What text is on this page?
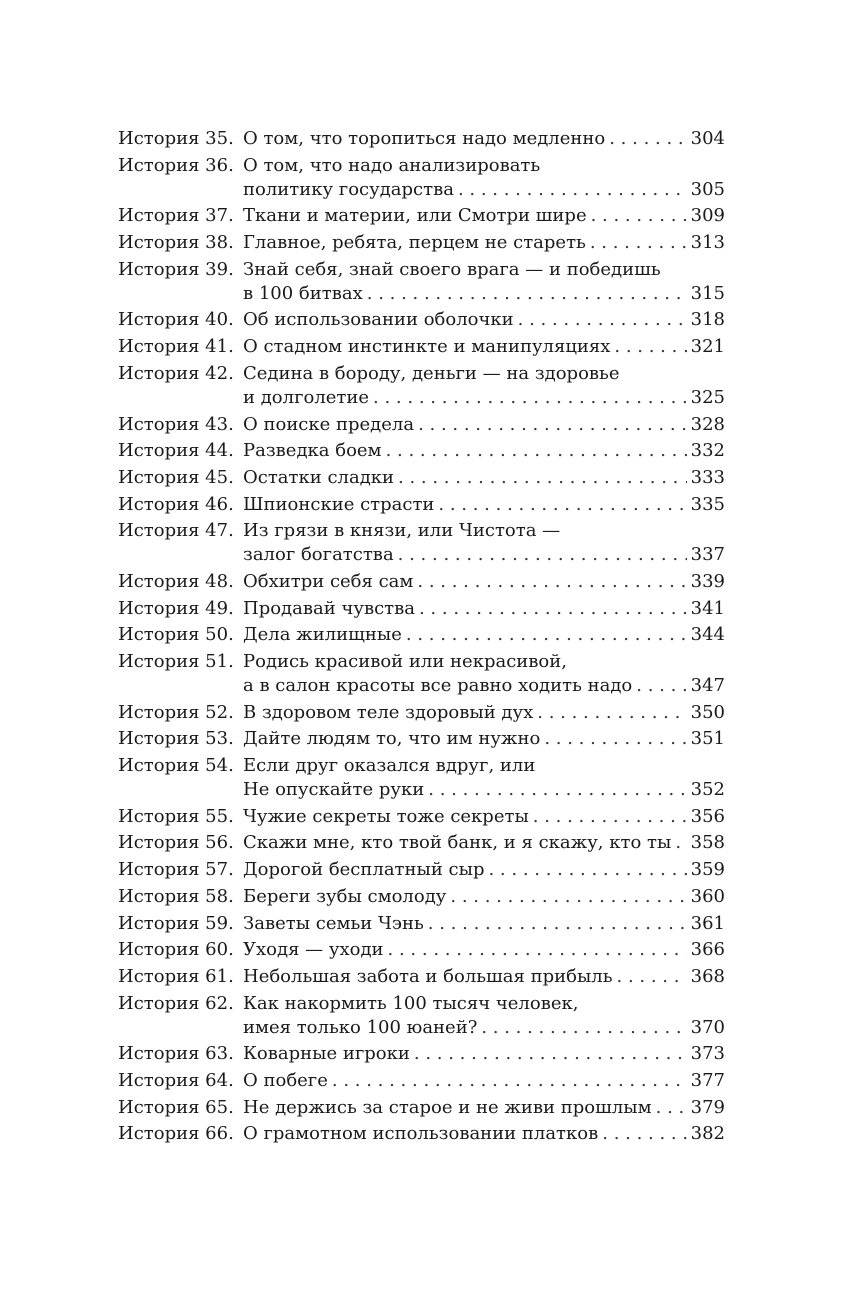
История 35. О том, что торопиться надо медленно . . .	304
История 36. О том, что надо анализировать
политику государства . . .	305
История 37. Ткани и материи, или Смотри шире . . .	309
История 38. Главное, ребята, перцем не стареть . . .	313
История 39. Знай себя, знай своего врага — и победишь
в 100 битвах . . .	315
История 40. Об использовании оболочки . . .	318
История 41. О стадном инстинкте и манипуляциях . . .	321
История 42. Седина в бороду, деньги — на здоровье
и долголетие . . .	325
История 43. О поиске предела . . .	328
История 44. Разведка боем . . .	332
История 45. Остатки сладки . . .	333
История 46. Шпионские страсти . . .	335
История 47. Из грязи в князи, или Чистота —
залог богатства . . .	337
История 48. Обхитри себя сам . . .	339
История 49. Продавай чувства . . .	341
История 50. Дела жилищные . . .	344
История 51. Родись красивой или некрасивой,
а в салон красоты все равно ходить надо . . .	347
История 52. В здоровом теле здоровый дух . . .	350
История 53. Дайте людям то, что им нужно . . .	351
История 54. Если друг оказался вдруг, или
Не опускайте руки . . .	352
История 55. Чужие секреты тоже секреты . . .	356
История 56. Скажи мне, кто твой банк, и я скажу, кто ты . . . 358
История 57. Дорогой бесплатный сыр . . .	359
История 58. Береги зубы смолоду . . .	360
История 59. Заветы семьи Чэнь . . .	361
История 60. Уходя — уходи . . .	366
История 61. Небольшая забота и большая прибыль . . .	368
История 62. Как накормить 100 тысяч человек,
имея только 100 юаней? . . .	370
История 63. Коварные игроки . . .	373
История 64. О побеге . . .	377
История 65. Не держись за старое и не живи прошлым . . . 379
История 66. О грамотном использовании платков . . .	382
